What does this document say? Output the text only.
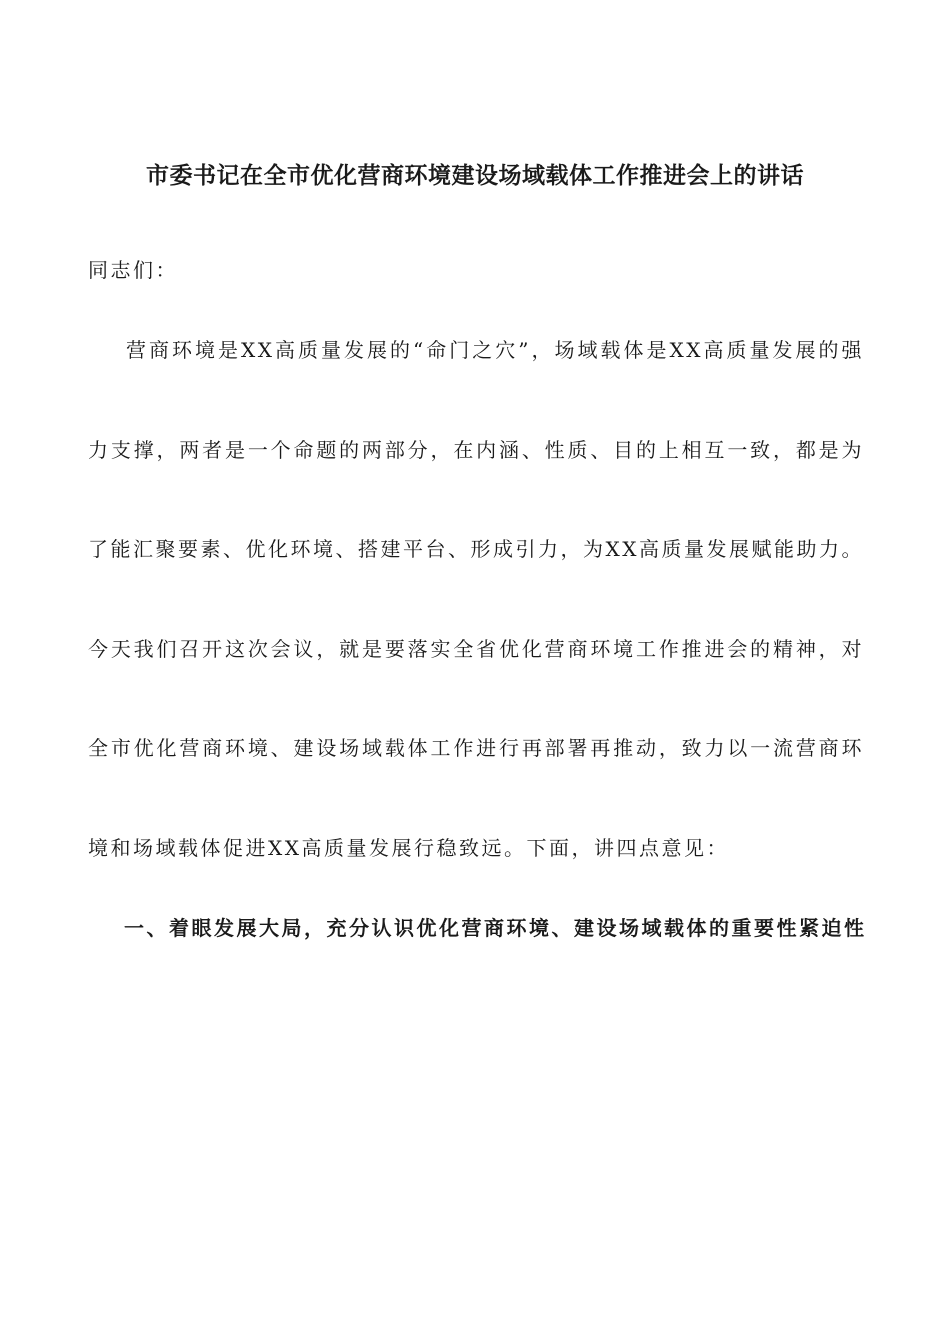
市委书记在全市优化营商环境建设场域载体工作推进会上的讲话
同志们：
营商环境是XX高质量发展的“命门之穴”，场域载体是XX高质量发展的强
力支撑，两者是一个命题的两部分，在内涵、性质、目的上相互一致，都是为
了能汇聚要素、优化环境、搭建平台、形成引力，为XX高质量发展赋能助力。
今天我们召开这次会议，就是要落实全省优化营商环境工作推进会的精神，对
全市优化营商环境、建设场域载体工作进行再部署再推动，致力以一流营商环
境和场域载体促进XX高质量发展行稳致远。下面，讲四点意见：
一、着眼发展大局，充分认识优化营商环境、建设场域载体的重要性紧迫性
